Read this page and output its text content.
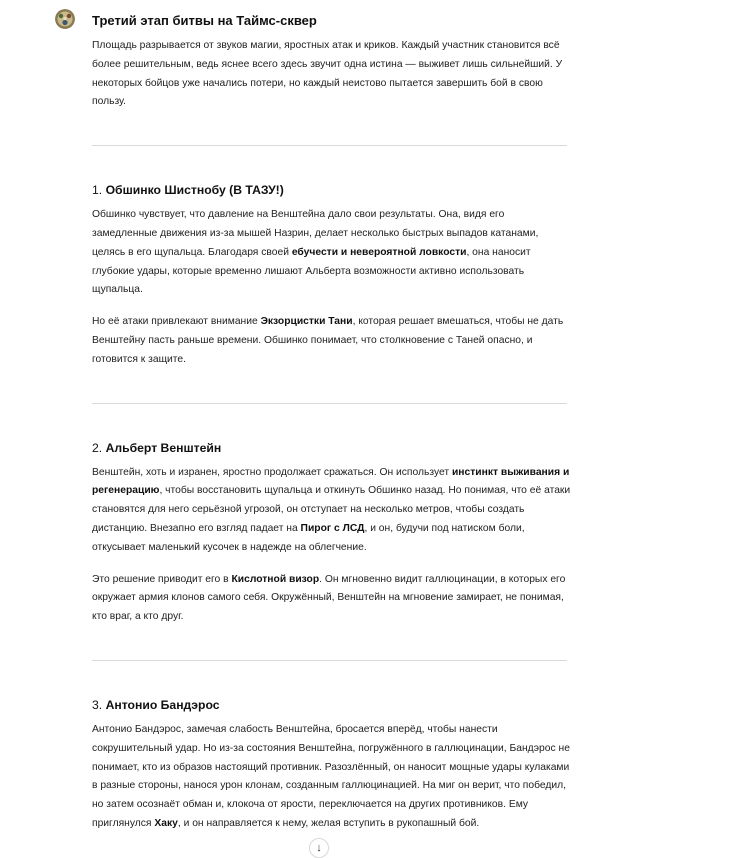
Третий этап битвы на Таймс-сквер

Площадь разрывается от звуков магии, яростных атак и криков. Каждый участник становится всё более решительным, ведь яснее всего здесь звучит одна истина — выживет лишь сильнейший. У некоторых бойцов уже начались потери, но каждый неистово пытается завершить бой в свою пользу.

1. Обшинко Шистнобу (В ТАЗУ!)

Обшинко чувствует, что давление на Венштейна дало свои результаты. Она, видя его замедленные движения из-за мышей Назрин, делает несколько быстрых выпадов катанами, целясь в его щупальца. Благодаря своей ебучести и невероятной ловкости, она наносит глубокие удары, которые временно лишают Альберта возможности активно использовать щупальца.

Но её атаки привлекают внимание Экзорцистки Тани, которая решает вмешаться, чтобы не дать Венштейну пасть раньше времени. Обшинко понимает, что столкновение с Таней опасно, и готовится к защите.

2. Альберт Венштейн

Венштейн, хоть и изранен, яростно продолжает сражаться. Он использует инстинкт выживания и регенерацию, чтобы восстановить щупальца и откинуть Обшинко назад. Но понимая, что её атаки становятся для него серьёзной угрозой, он отступает на несколько метров, чтобы создать дистанцию. Внезапно его взгляд падает на Пирог с ЛСД, и он, будучи под натиском боли, откусывает маленький кусочек в надежде на облегчение.

Это решение приводит его в Кислотной визор. Он мгновенно видит галлюцинации, в которых его окружает армия клонов самого себя. Окружённый, Венштейн на мгновение замирает, не понимая, кто враг, а кто друг.

3. Антонио Бандэрос

Антонио Бандэрос, замечая слабость Венштейна, бросается вперёд, чтобы нанести сокрушительный удар. Но из-за состояния Венштейна, погружённого в галлюцинации, Бандэрос не понимает, кто из образов настоящий противник. Разозлённый, он наносит мощные удары кулаками в разные стороны, нанося урон клонам, созданным галлюцинацией. На миг он верит, что победил, но затем осознаёт обман и, клокоча от ярости, переключается на других противников. Ему приглянулся Хаку, и он направляется к нему, желая вступить в рукопашный бой.

↓
